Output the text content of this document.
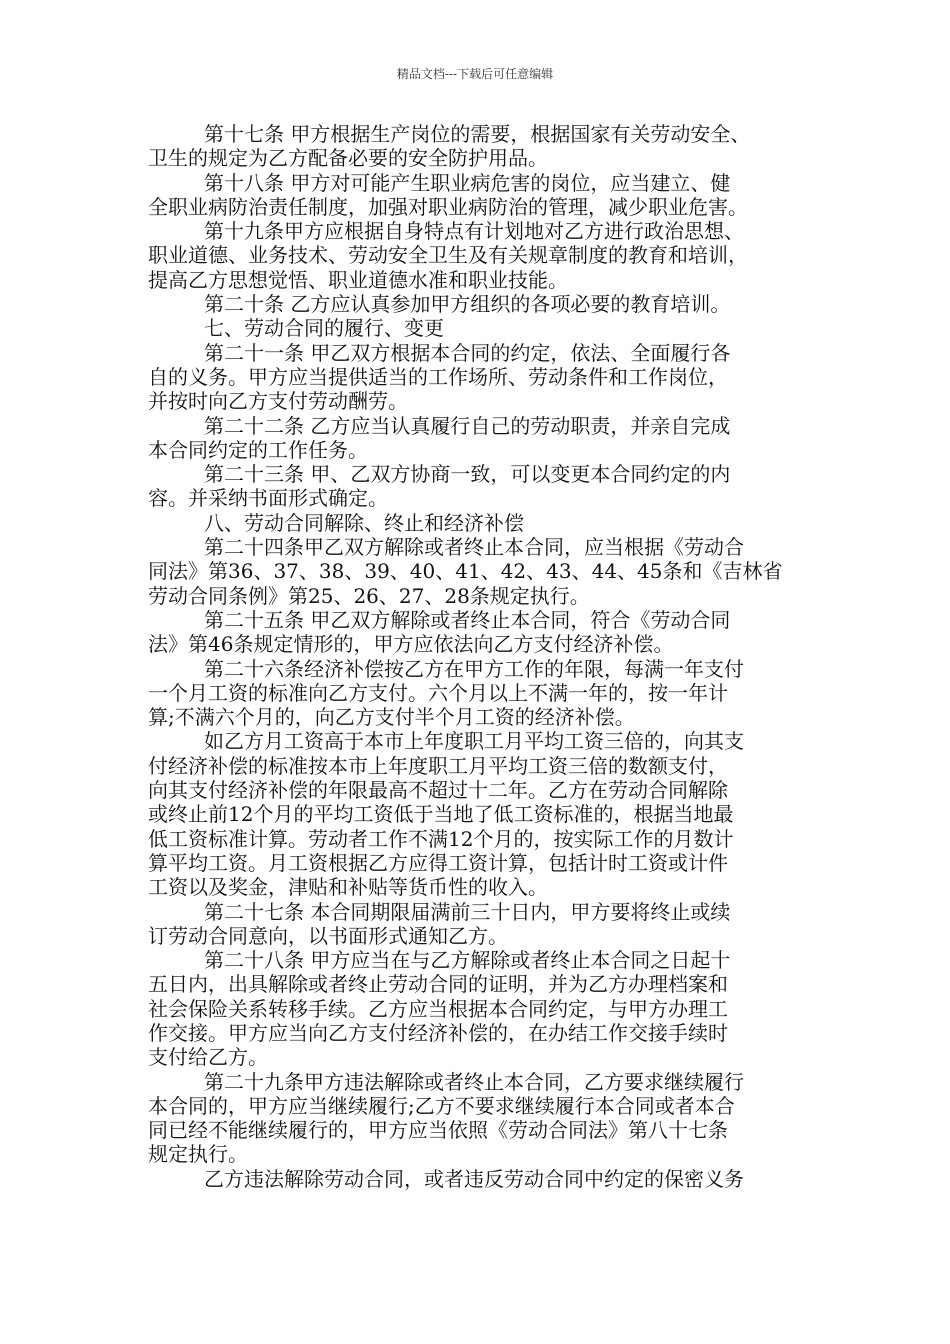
精品文档---下载后可任意编辑
第十七条 甲方根据生产岗位的需要，根据国家有关劳动安全、
卫生的规定为乙方配备必要的安全防护用品。
第十八条 甲方对可能产生职业病危害的岗位，应当建立、健
全职业病防治责任制度，加强对职业病防治的管理，减少职业危害。
第十九条甲方应根据自身特点有计划地对乙方进行政治思想、
职业道德、业务技术、劳动安全卫生及有关规章制度的教育和培训，
提高乙方思想觉悟、职业道德水准和职业技能。
第二十条 乙方应认真参加甲方组织的各项必要的教育培训。
七、劳动合同的履行、变更
第二十一条 甲乙双方根据本合同的约定，依法、全面履行各
自的义务。甲方应当提供适当的工作场所、劳动条件和工作岗位，
并按时向乙方支付劳动酬劳。
第二十二条 乙方应当认真履行自己的劳动职责，并亲自完成
本合同约定的工作任务。
第二十三条 甲、乙双方协商一致，可以变更本合同约定的内
容。并采纳书面形式确定。
八、劳动合同解除、终止和经济补偿
第二十四条甲乙双方解除或者终止本合同，应当根据《劳动合
同法》第36、37、38、39、40、41、42、43、44、45条和《吉林省
劳动合同条例》第25、26、27、28条规定执行。
第二十五条 甲乙双方解除或者终止本合同，符合《劳动合同
法》第46条规定情形的，甲方应依法向乙方支付经济补偿。
第二十六条经济补偿按乙方在甲方工作的年限，每满一年支付
一个月工资的标准向乙方支付。六个月以上不满一年的，按一年计
算;不满六个月的，向乙方支付半个月工资的经济补偿。
如乙方月工资高于本市上年度职工月平均工资三倍的，向其支
付经济补偿的标准按本市上年度职工月平均工资三倍的数额支付，
向其支付经济补偿的年限最高不超过十二年。乙方在劳动合同解除
或终止前12个月的平均工资低于当地了低工资标准的，根据当地最
低工资标准计算。劳动者工作不满12个月的，按实际工作的月数计
算平均工资。月工资根据乙方应得工资计算，包括计时工资或计件
工资以及奖金，津贴和补贴等货币性的收入。
第二十七条 本合同期限届满前三十日内，甲方要将终止或续
订劳动合同意向，以书面形式通知乙方。
第二十八条 甲方应当在与乙方解除或者终止本合同之日起十
五日内，出具解除或者终止劳动合同的证明，并为乙方办理档案和
社会保险关系转移手续。乙方应当根据本合同约定，与甲方办理工
作交接。甲方应当向乙方支付经济补偿的，在办结工作交接手续时
支付给乙方。
第二十九条甲方违法解除或者终止本合同，乙方要求继续履行
本合同的，甲方应当继续履行;乙方不要求继续履行本合同或者本合
同已经不能继续履行的，甲方应当依照《劳动合同法》第八十七条
规定执行。
乙方违法解除劳动合同，或者违反劳动合同中约定的保密义务
